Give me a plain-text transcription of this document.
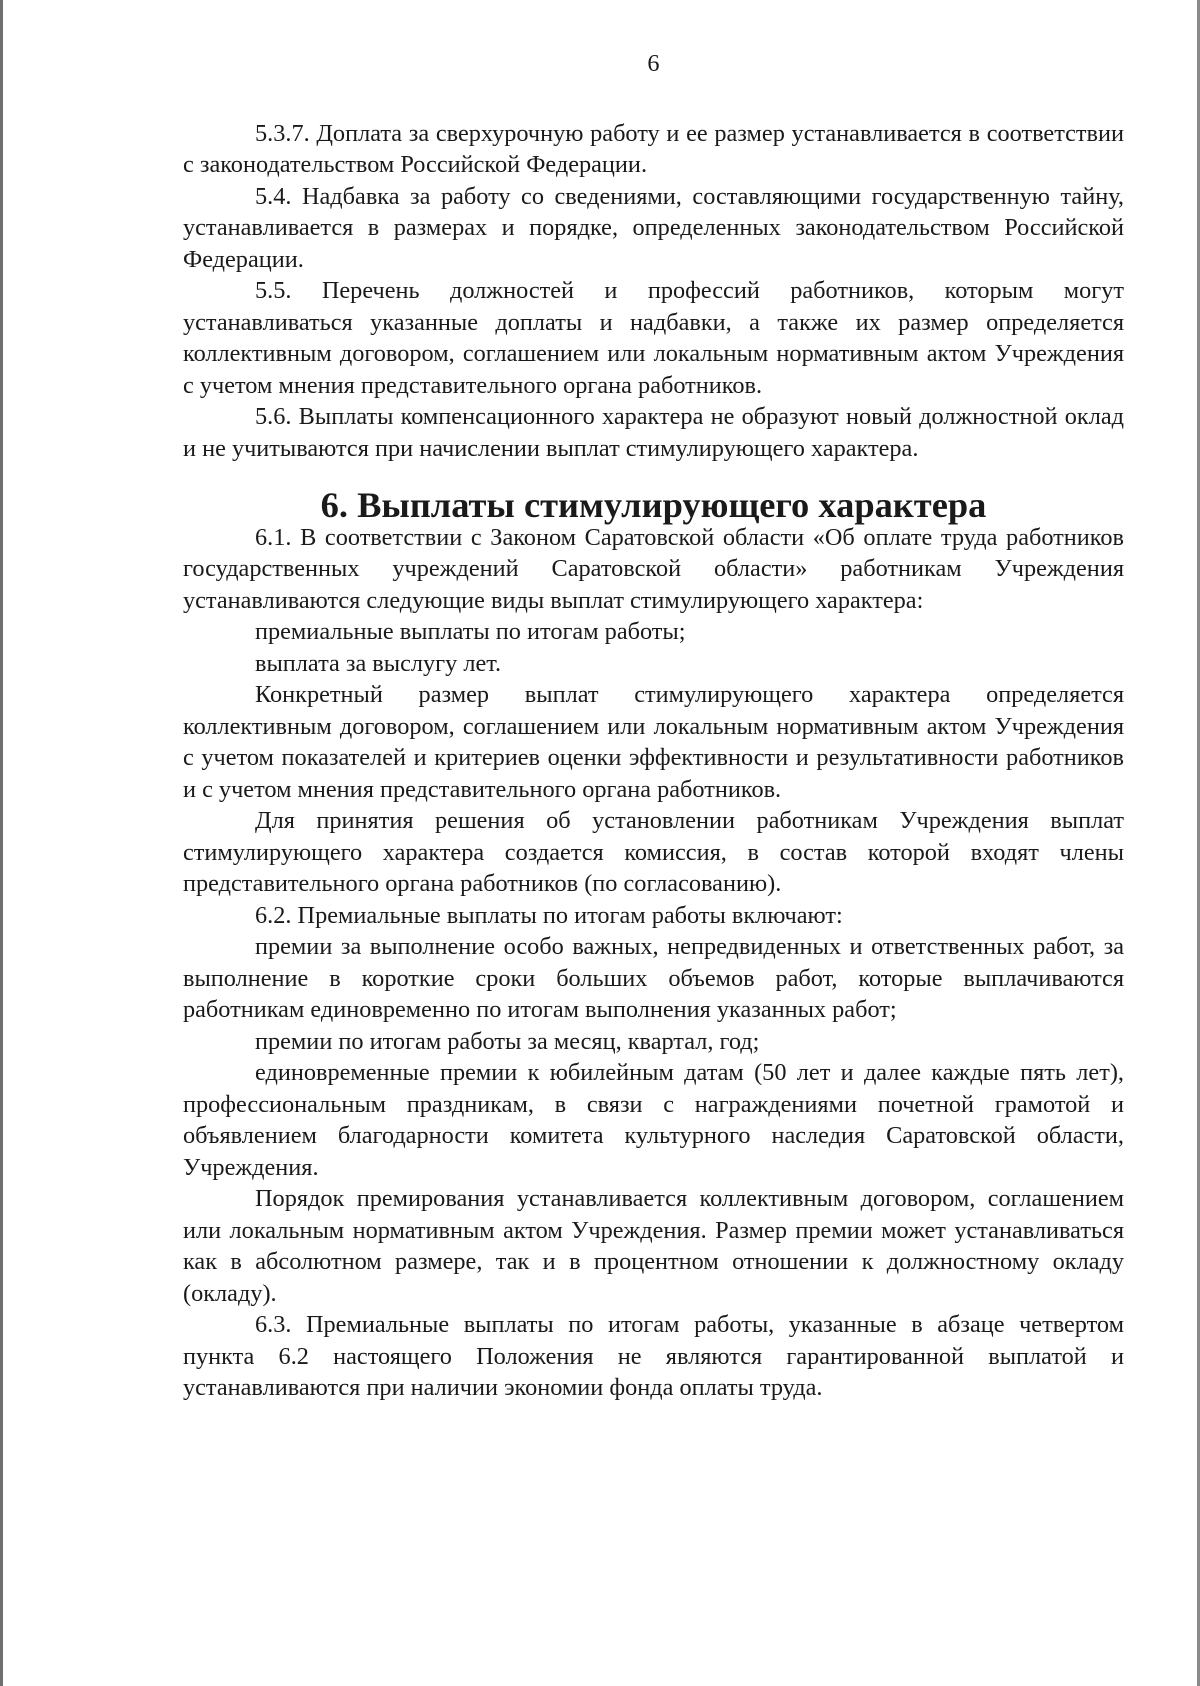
6

5.3.7. Доплата за сверхурочную работу и ее размер устанавливается в соответствии с законодательством Российской Федерации.

5.4. Надбавка за работу со сведениями, составляющими государственную тайну, устанавливается в размерах и порядке, определенных законодательством Российской Федерации.

5.5. Перечень должностей и профессий работников, которым могут устанавливаться указанные доплаты и надбавки, а также их размер определяется коллективным договором, соглашением или локальным нормативным актом Учреждения с учетом мнения представительного органа работников.

5.6. Выплаты компенсационного характера не образуют новый должностной оклад и не учитываются при начислении выплат стимулирующего характера.

6. Выплаты стимулирующего характера

6.1. В соответствии с Законом Саратовской области «Об оплате труда работников государственных учреждений Саратовской области» работникам Учреждения устанавливаются следующие виды выплат стимулирующего характера:

премиальные выплаты по итогам работы;

выплата за выслугу лет.

Конкретный размер выплат стимулирующего характера определяется коллективным договором, соглашением или локальным нормативным актом Учреждения с учетом показателей и критериев оценки эффективности и результативности работников и с учетом мнения представительного органа работников.

Для принятия решения об установлении работникам Учреждения выплат стимулирующего характера создается комиссия, в состав которой входят члены представительного органа работников (по согласованию).

6.2. Премиальные выплаты по итогам работы включают:

премии за выполнение особо важных, непредвиденных и ответственных работ, за выполнение в короткие сроки больших объемов работ, которые выплачиваются работникам единовременно по итогам выполнения указанных работ;

премии по итогам работы за месяц, квартал, год;

единовременные премии к юбилейным датам (50 лет и далее каждые пять лет), профессиональным праздникам, в связи с награждениями почетной грамотой и объявлением благодарности комитета культурного наследия Саратовской области, Учреждения.

Порядок премирования устанавливается коллективным договором, соглашением или локальным нормативным актом Учреждения. Размер премии может устанавливаться как в абсолютном размере, так и в процентном отношении к должностному окладу (окладу).

6.3. Премиальные выплаты по итогам работы, указанные в абзаце четвертом пункта 6.2 настоящего Положения не являются гарантированной выплатой и устанавливаются при наличии экономии фонда оплаты труда.
